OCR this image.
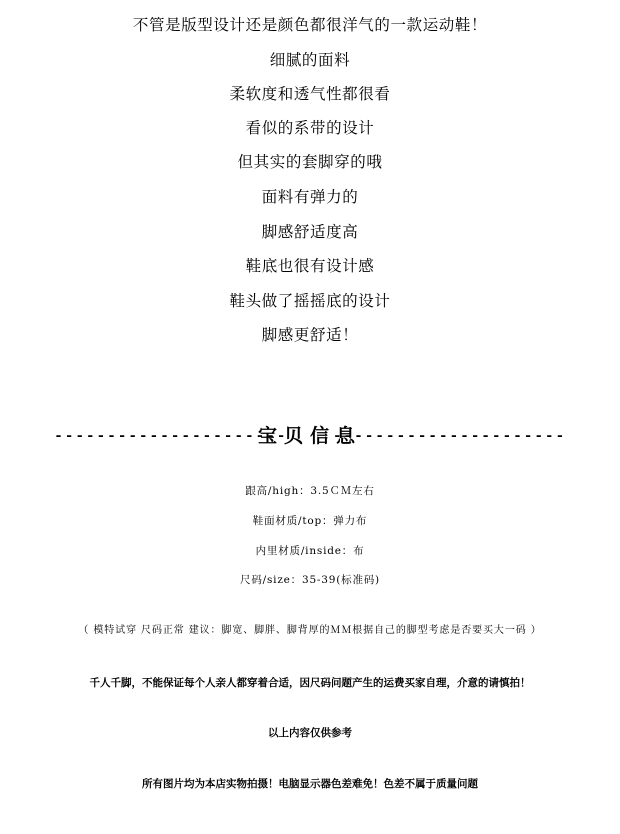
不管是版型设计还是颜色都很洋气的一款运动鞋！
细腻的面料
柔软度和透气性都很看
看似的系带的设计
但其实的套脚穿的哦
面料有弹力的
脚感舒适度高
鞋底也很有设计感
鞋头做了摇摇底的设计
脚感更舒适！
----------------------
宝贝信息
----------------------
跟高/high：3.5ＣＭ左右
鞋面材质/top：弹力布
内里材质/inside：布
尺码/size：35-39(标准码)
（ 模特试穿 尺码正常 建议：脚宽、脚胖、脚背厚的ＭＭ根据自己的脚型考虑是否要买大一码 ）
千人千脚，不能保证每个人亲人都穿着合适，因尺码问题产生的运费买家自理，介意的请慎拍！
以上内容仅供参考
所有图片均为本店实物拍摄！电脑显示器色差难免！色差不属于质量问题
